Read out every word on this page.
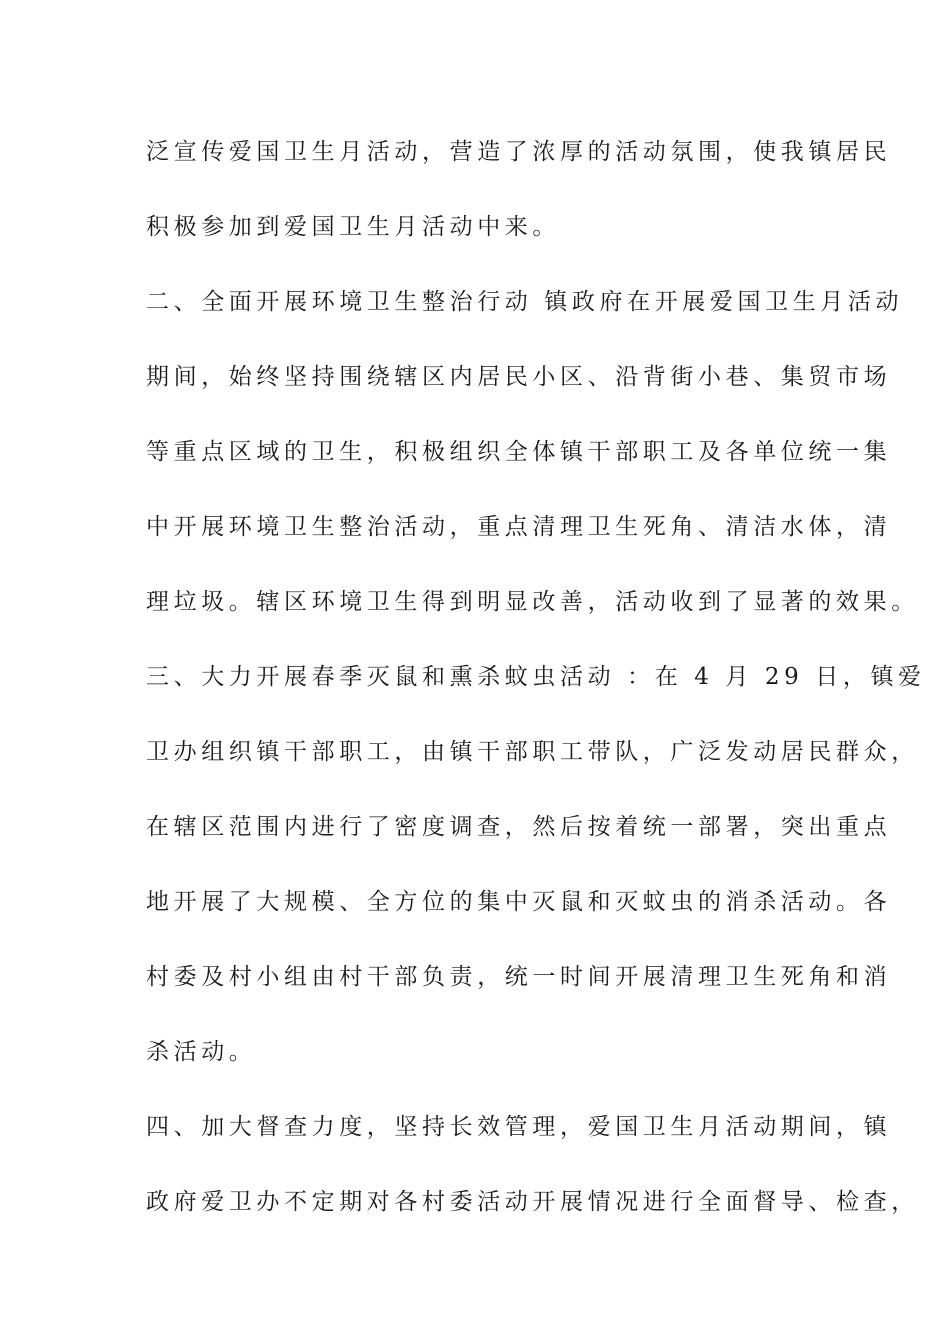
泛宣传爱国卫生月活动，营造了浓厚的活动氛围，使我镇居民
积极参加到爱国卫生月活动中来。
二、全面开展环境卫生整治行动 镇政府在开展爱国卫生月活动
期间，始终坚持围绕辖区内居民小区、沿背街小巷、集贸市场
等重点区域的卫生，积极组织全体镇干部职工及各单位统一集
中开展环境卫生整治活动，重点清理卫生死角、清洁水体，清
理垃圾。辖区环境卫生得到明显改善，活动收到了显著的效果。
三、大力开展春季灭鼠和熏杀蚊虫活动 ：在 4 月 29 日，镇爱
卫办组织镇干部职工，由镇干部职工带队，广泛发动居民群众，
在辖区范围内进行了密度调查，然后按着统一部署，突出重点
地开展了大规模、全方位的集中灭鼠和灭蚊虫的消杀活动。各
村委及村小组由村干部负责，统一时间开展清理卫生死角和消
杀活动。
四、加大督查力度，坚持长效管理，爱国卫生月活动期间，镇
政府爱卫办不定期对各村委活动开展情况进行全面督导、检查，
